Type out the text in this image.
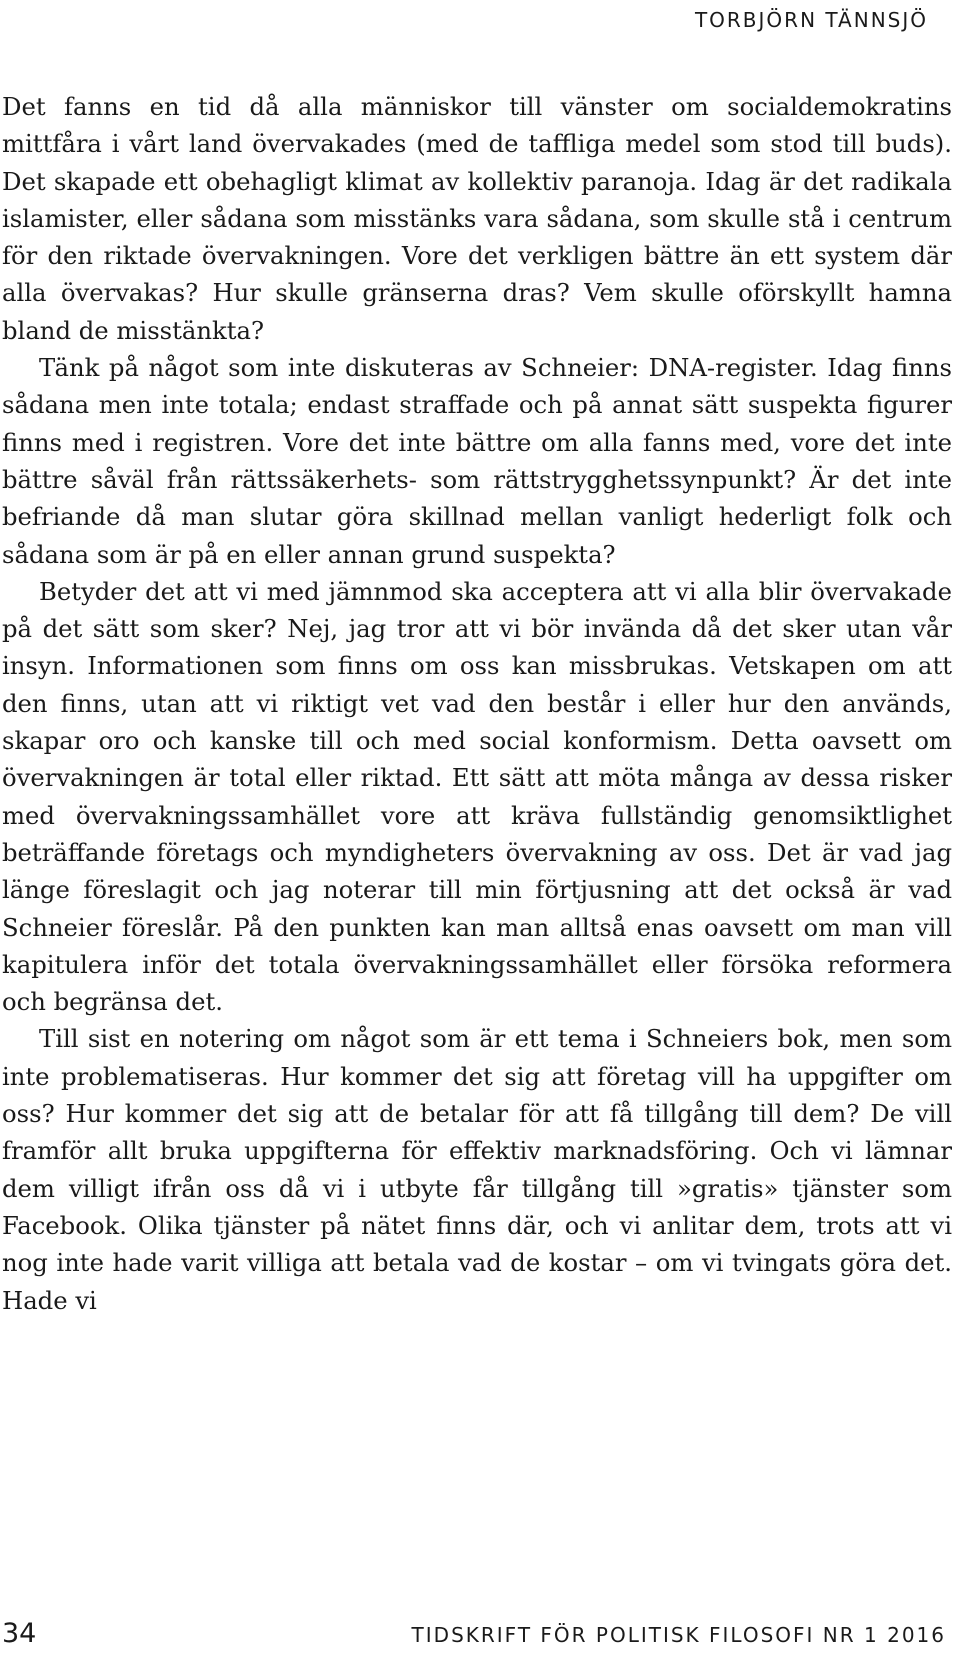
TORBJÖRN TÄNNSJÖ

Det fanns en tid då alla människor till vänster om socialdemokratins mittfåra i vårt land övervakades (med de taffliga medel som stod till buds). Det skapade ett obehagligt klimat av kollektiv paranoja. Idag är det radikala islamister, eller sådana som misstänks vara sådana, som skulle stå i centrum för den riktade övervakningen. Vore det verkligen bättre än ett system där alla övervakas? Hur skulle gränserna dras? Vem skulle oförskyllt hamna bland de misstänkta?

Tänk på något som inte diskuteras av Schneier: DNA-register. Idag finns sådana men inte totala; endast straffade och på annat sätt suspekta figurer finns med i registren. Vore det inte bättre om alla fanns med, vore det inte bättre såväl från rättssäkerhets- som rättstrygghetssynpunkt? Är det inte befriande då man slutar göra skillnad mellan vanligt hederligt folk och sådana som är på en eller annan grund suspekta?

Betyder det att vi med jämnmod ska acceptera att vi alla blir övervakade på det sätt som sker? Nej, jag tror att vi bör invända då det sker utan vår insyn. Informationen som finns om oss kan missbrukas. Vetskapen om att den finns, utan att vi riktigt vet vad den består i eller hur den används, skapar oro och kanske till och med social konformism. Detta oavsett om övervakningen är total eller riktad. Ett sätt att möta många av dessa risker med övervakningssamhället vore att kräva fullständig genomsiktlighet beträffande företags och myndigheters övervakning av oss. Det är vad jag länge föreslagit och jag noterar till min förtjusning att det också är vad Schneier föreslår. På den punkten kan man alltså enas oavsett om man vill kapitulera inför det totala övervakningssamhället eller försöka reformera och begränsa det.

Till sist en notering om något som är ett tema i Schneiers bok, men som inte problematiseras. Hur kommer det sig att företag vill ha uppgifter om oss? Hur kommer det sig att de betalar för att få tillgång till dem? De vill framför allt bruka uppgifterna för effektiv marknadsföring. Och vi lämnar dem villigt ifrån oss då vi i utbyte får tillgång till »gratis» tjänster som Facebook. Olika tjänster på nätet finns där, och vi anlitar dem, trots att vi nog inte hade varit villiga att betala vad de kostar – om vi tvingats göra det. Hade vi

34	TIDSKRIFT FÖR POLITISK FILOSOFI NR 1 2016
